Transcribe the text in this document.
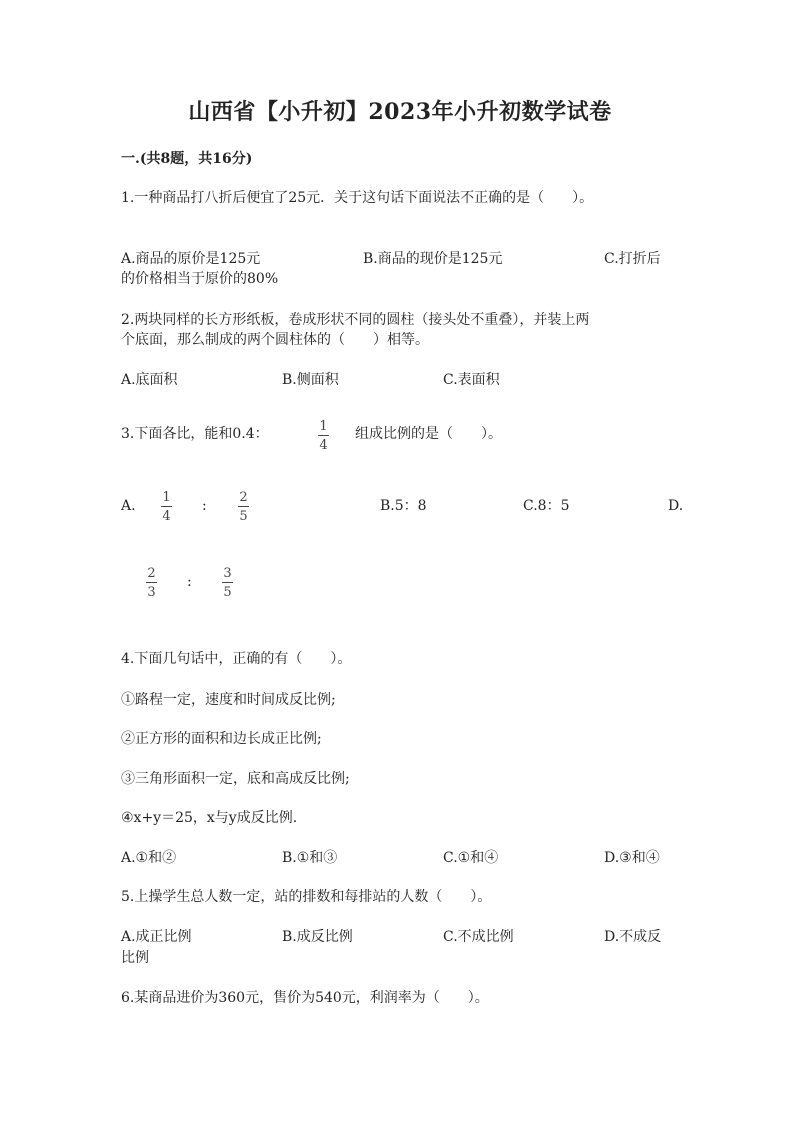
山西省【小升初】2023年小升初数学试卷
一.(共8题，共16分)
1.一种商品打八折后便宜了25元．关于这句话下面说法不正确的是（　　）。
A.商品的原价是125元	B.商品的现价是125元	C.打折后
的价格相当于原价的80%
2.两块同样的长方形纸板，卷成形状不同的圆柱（接头处不重叠），并装上两
个底面，那么制成的两个圆柱体的（　　）相等。
A.底面积	B.侧面积	C.表面积
3.下面各比，能和0.4：	1
4
组成比例的是（　　）。
A.
1
4
:
2
5
B.5：8	C.8：5	D.
2
3
:
3
5
4.下面几句话中，正确的有（　　）。
①路程一定，速度和时间成反比例;
②正方形的面积和边长成正比例;
③三角形面积一定，底和高成反比例;
④x+y＝25，x与y成反比例.
A.①和②	B.①和③	C.①和④	D.③和④
5.上操学生总人数一定，站的排数和每排站的人数（　　）。
A.成正比例	B.成反比例	C.不成比例	D.不成反
比例
6.某商品进价为360元，售价为540元，利润率为（　　）。
